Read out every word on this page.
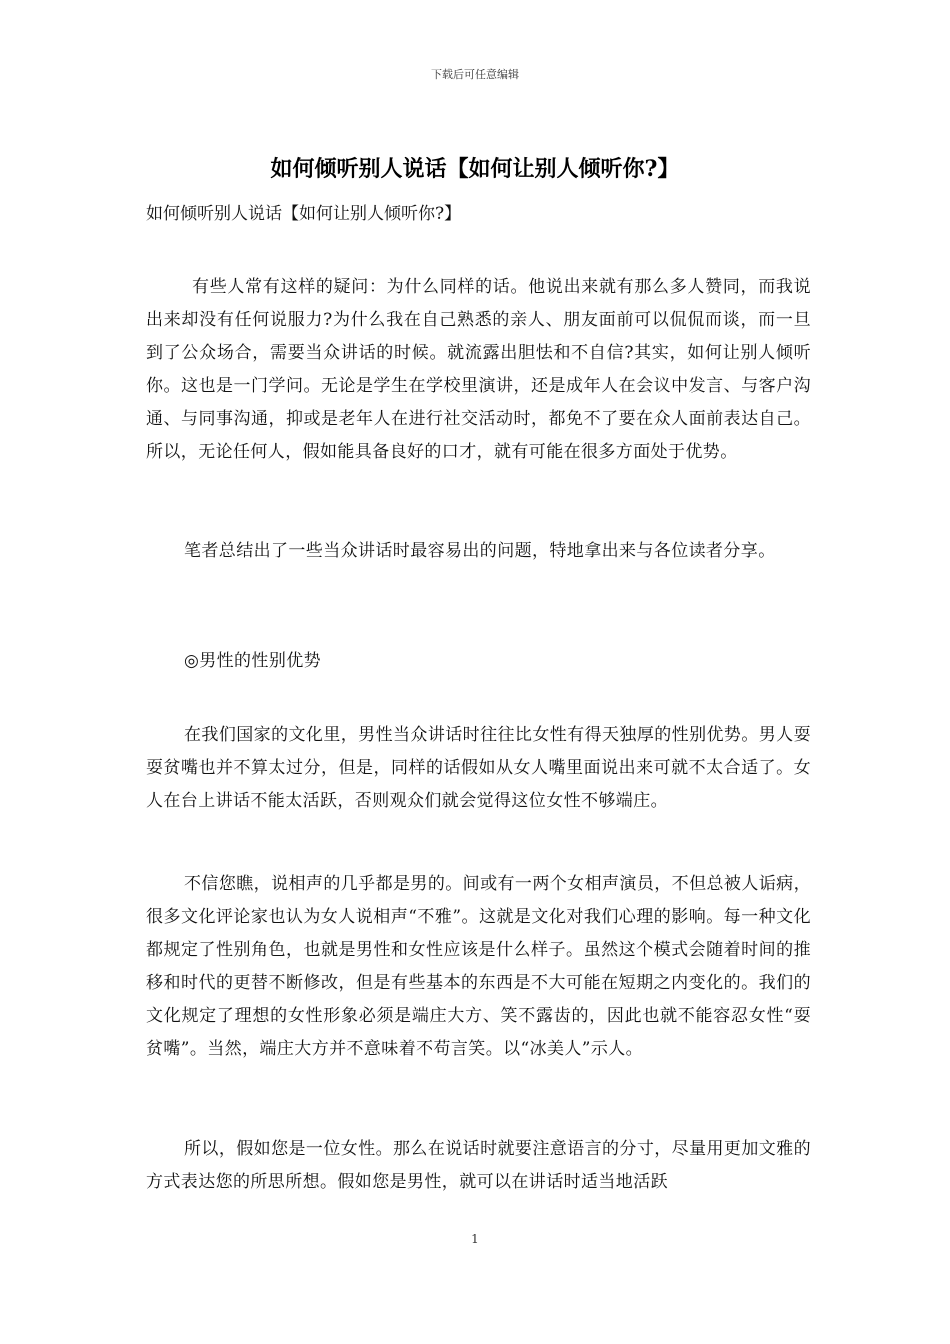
下载后可任意编辑
如何倾听别人说话【如何让别人倾听你?】
如何倾听别人说话【如何让别人倾听你?】

有些人常有这样的疑问：为什么同样的话。他说出来就有那么多人赞同，而我说出来却没有任何说服力?为什么我在自己熟悉的亲人、朋友面前可以侃侃而谈，而一旦到了公众场合，需要当众讲话的时候。就流露出胆怯和不自信?其实，如何让别人倾听你。这也是一门学问。无论是学生在学校里演讲，还是成年人在会议中发言、与客户沟通、与同事沟通，抑或是老年人在进行社交活动时，都免不了要在众人面前表达自己。所以，无论任何人，假如能具备良好的口才，就有可能在很多方面处于优势。

笔者总结出了一些当众讲话时最容易出的问题，特地拿出来与各位读者分享。

◎男性的性别优势

在我们国家的文化里，男性当众讲话时往往比女性有得天独厚的性别优势。男人耍耍贫嘴也并不算太过分，但是，同样的话假如从女人嘴里面说出来可就不太合适了。女人在台上讲话不能太活跃，否则观众们就会觉得这位女性不够端庄。

不信您瞧，说相声的几乎都是男的。间或有一两个女相声演员，不但总被人诟病，很多文化评论家也认为女人说相声“不雅”。这就是文化对我们心理的影响。每一种文化都规定了性别角色，也就是男性和女性应该是什么样子。虽然这个模式会随着时间的推移和时代的更替不断修改，但是有些基本的东西是不大可能在短期之内变化的。我们的文化规定了理想的女性形象必须是端庄大方、笑不露齿的，因此也就不能容忍女性“耍贫嘴”。当然，端庄大方并不意味着不苟言笑。以“冰美人”示人。

所以，假如您是一位女性。那么在说话时就要注意语言的分寸，尽量用更加文雅的方式表达您的所思所想。假如您是男性，就可以在讲话时适当地活跃

1
